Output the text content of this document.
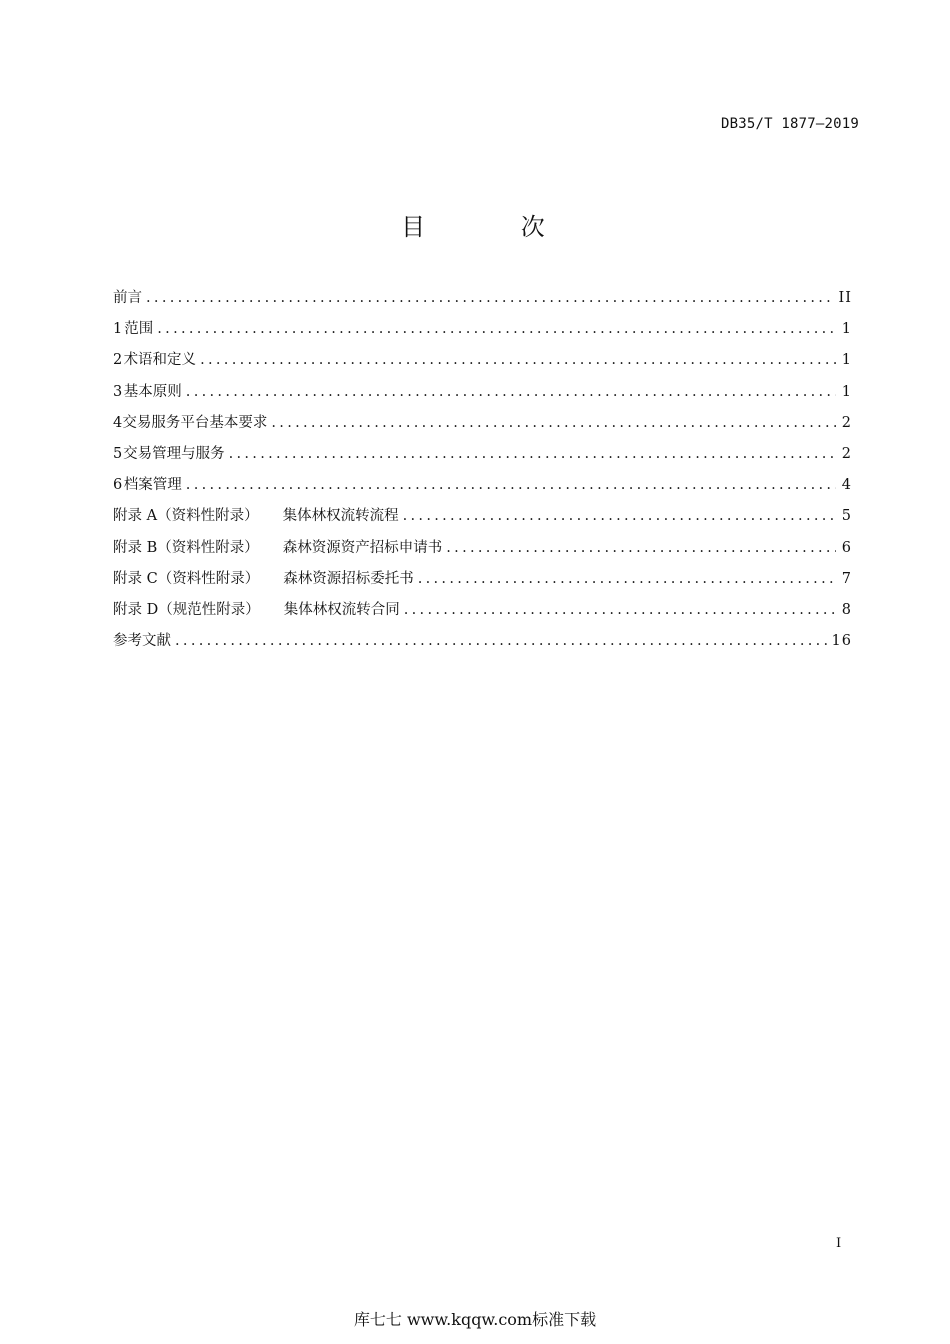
DB35/T 1877—2019
目 次
前言 .....	II
1 范围 .....	1
2 术语和定义 .....	1
3 基本原则 .....	1
4 交易服务平台基本要求 .....	2
5 交易管理与服务 .....	2
6 档案管理 .....	4
附录 A（资料性附录） 集体林权流转流程 .....	5
附录 B（资料性附录） 森林资源资产招标申请书 .....	6
附录 C（资料性附录） 森林资源招标委托书 .....	7
附录 D（规范性附录） 集体林权流转合同 .....	8
参考文献 .....	16
I
库七七 www.kqqw.com标准下载
